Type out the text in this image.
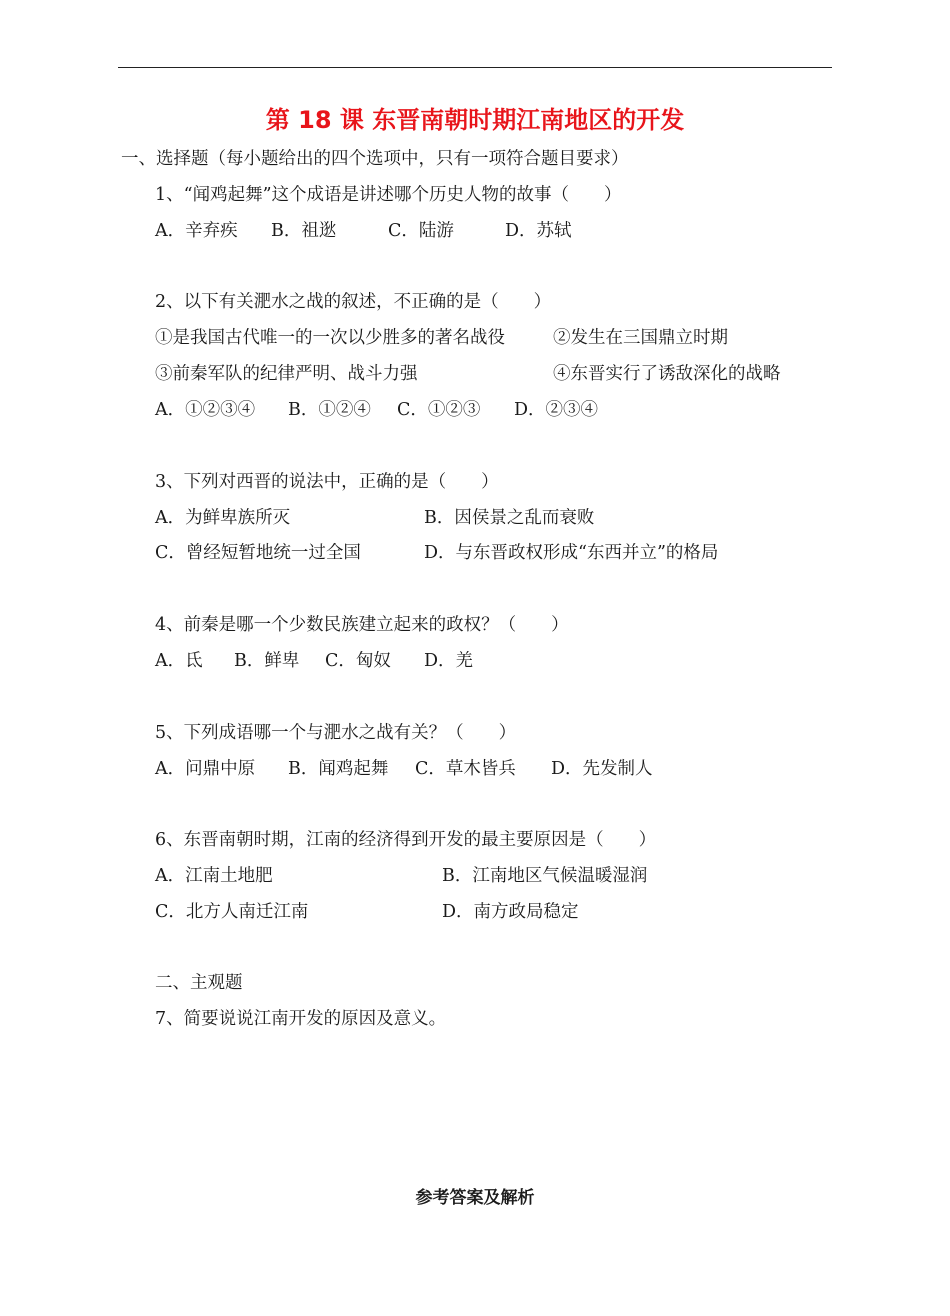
第 18 课 东晋南朝时期江南地区的开发
一、选择题（每小题给出的四个选项中，只有一项符合题目要求）
1、“闻鸡起舞”这个成语是讲述哪个历史人物的故事（　　）
A．辛弃疾 B．祖逖	C．陆游	D．苏轼
2、以下有关淝水之战的叙述，不正确的是（　　）
①是我国古代唯一的一次以少胜多的著名战役	②发生在三国鼎立时期
③前秦军队的纪律严明、战斗力强	④东晋实行了诱敌深化的战略
A．①②③④ B．①②④ C．①②③ D．②③④
3、下列对西晋的说法中，正确的是（　　）
A．为鲜卑族所灭	B．因侯景之乱而衰败
C．曾经短暂地统一过全国	D．与东晋政权形成“东西并立”的格局
4、前秦是哪一个少数民族建立起来的政权？（　　）
A．氐 B．鲜卑 C．匈奴 D．羌
5、下列成语哪一个与淝水之战有关？（　　）
A．问鼎中原 B．闻鸡起舞 C．草木皆兵 D．先发制人
6、东晋南朝时期，江南的经济得到开发的最主要原因是（　　）
A．江南土地肥	B．江南地区气候温暖湿润
C．北方人南迁江南	D．南方政局稳定
二、主观题
7、简要说说江南开发的原因及意义。
参考答案及解析
